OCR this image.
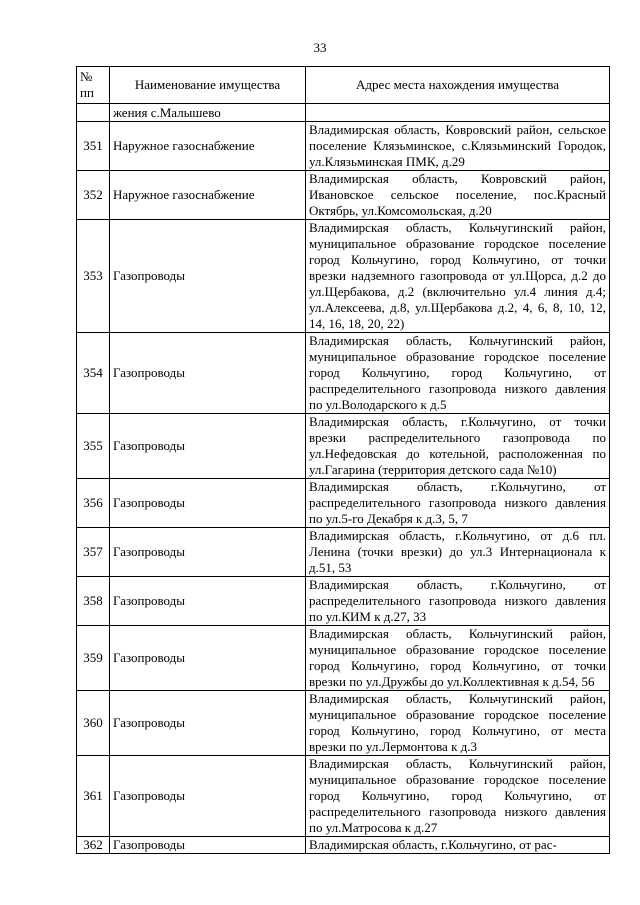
33
№ пп	Наименование имущества	Адрес места нахождения имущества
	жения с.Малышево	
351	Наружное газоснабжение	Владимирская область, Ковровский район, сельское поселение Клязьминское, с.Клязьминский Городок, ул.Клязьминская ПМК, д.29
352	Наружное газоснабжение	Владимирская область, Ковровский район, Ивановское сельское поселение, пос.Красный Октябрь, ул.Комсомольская, д.20
353	Газопроводы	Владимирская область, Кольчугинский район, муниципальное образование городское поселение город Кольчугино, город Кольчугино, от точки врезки надземного газопровода от ул.Щорса, д.2 до ул.Щербакова, д.2 (включительно ул.4 линия д.4; ул.Алексеева, д.8, ул.Щербакова д.2, 4, 6, 8, 10, 12, 14, 16, 18, 20, 22)
354	Газопроводы	Владимирская область, Кольчугинский район, муниципальное образование городское поселение город Кольчугино, город Кольчугино, от распределительного газопровода низкого давления по ул.Володарского к д.5
355	Газопроводы	Владимирская область, г.Кольчугино, от точки врезки распределительного газопровода по ул.Нефедовская до котельной, расположенная по ул.Гагарина (территория детского сада №10)
356	Газопроводы	Владимирская область, г.Кольчугино, от распределительного газопровода низкого давления по ул.5-го Декабря к д.3, 5, 7
357	Газопроводы	Владимирская область, г.Кольчугино, от д.6 пл. Ленина (точки врезки) до ул.3 Интернационала к д.51, 53
358	Газопроводы	Владимирская область, г.Кольчугино, от распределительного газопровода низкого давления по ул.КИМ к д.27, 33
359	Газопроводы	Владимирская область, Кольчугинский район, муниципальное образование городское поселение город Кольчугино, город Кольчугино, от точки врезки по ул.Дружбы до ул.Коллективная к д.54, 56
360	Газопроводы	Владимирская область, Кольчугинский район, муниципальное образование городское поселение город Кольчугино, город Кольчугино, от места врезки по ул.Лермонтова к д.3
361	Газопроводы	Владимирская область, Кольчугинский район, муниципальное образование городское поселение город Кольчугино, город Кольчугино, от распределительного газопровода низкого давления по ул.Матросова к д.27
362	Газопроводы	Владимирская область, г.Кольчугино, от рас-
